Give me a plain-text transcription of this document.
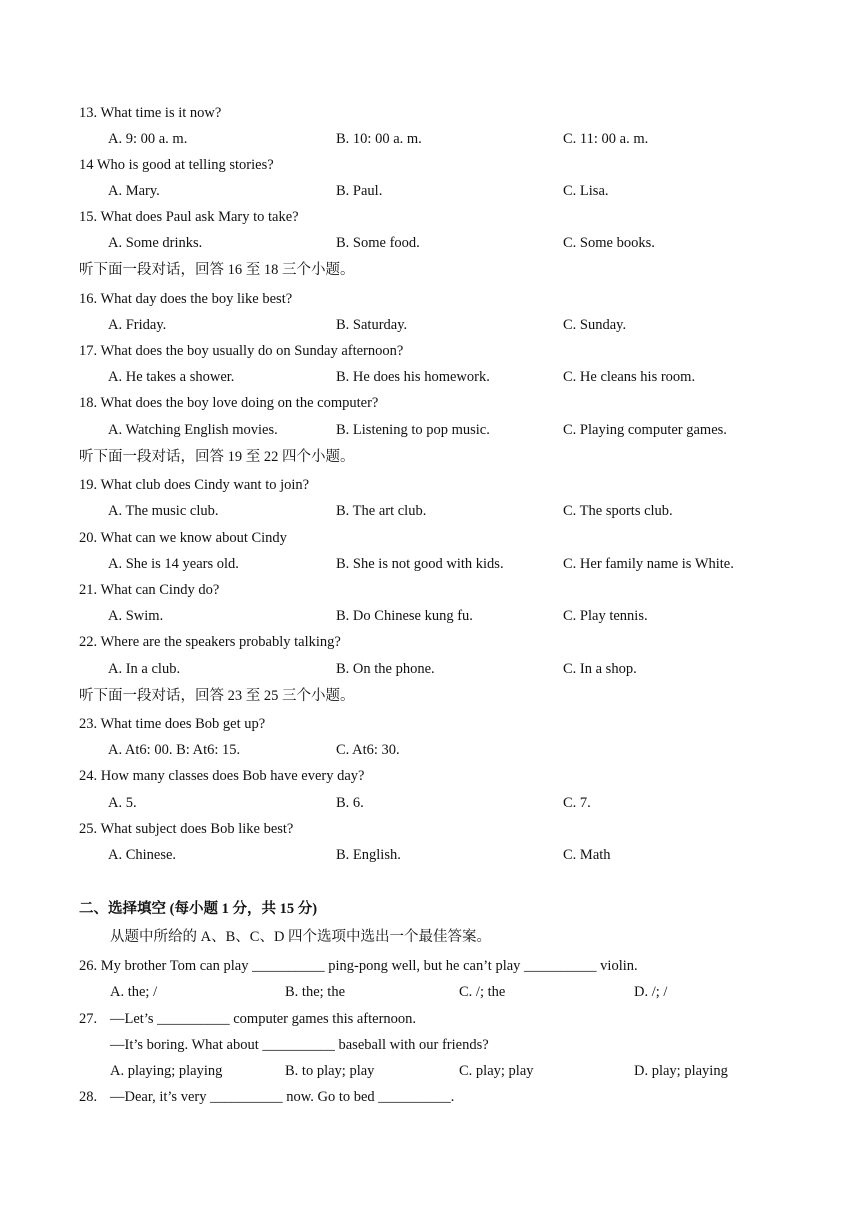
13. What time is it now?
A. 9: 00 a. m.	B. 10: 00 a. m.	C. 11: 00 a. m.
14 Who is good at telling stories?
A. Mary.	B. Paul.	C. Lisa.
15. What does Paul ask Mary to take?
A. Some drinks.	B. Some food.	C. Some books.
听下面一段对话，回答 16 至 18 三个小题。
16. What day does the boy like best?
A. Friday.	B. Saturday.	C. Sunday.
17. What does the boy usually do on Sunday afternoon?
A. He takes a shower.	B. He does his homework.	C. He cleans his room.
18. What does the boy love doing on the computer?
A. Watching English movies.	B. Listening to pop music.	C. Playing computer games.
听下面一段对话，回答 19 至 22 四个小题。
19. What club does Cindy want to join?
A. The music club.	B. The art club.	C. The sports club.
20. What can we know about Cindy
A. She is 14 years old.	B. She is not good with kids.	C. Her family name is White.
21. What can Cindy do?
A. Swim.	B. Do Chinese kung fu.	C. Play tennis.
22. Where are the speakers probably talking?
A. In a club.	B. On the phone.	C. In a shop.
听下面一段对话，回答 23 至 25 三个小题。
23. What time does Bob get up?
A. At6: 00. B: At6: 15.	C. At6: 30.
24. How many classes does Bob have every day?
A. 5.	B. 6.	C. 7.
25. What subject does Bob like best?
A. Chinese.	B. English.	C. Math
二、选择填空 (每小题 1 分，共 15 分)
从题中所给的 A、B、C、D 四个选项中选出一个最佳答案。
26. My brother Tom can play __________ ping-pong well, but he can’t play __________ violin.
A. the; /	B. the; the	C. /; the	D. /; /
27. —Let’s __________ computer games this afternoon.
—It’s boring. What about __________ baseball with our friends?
A. playing; playing	B. to play; play	C. play; play	D. play; playing
28. —Dear, it’s very __________ now. Go to bed __________.
